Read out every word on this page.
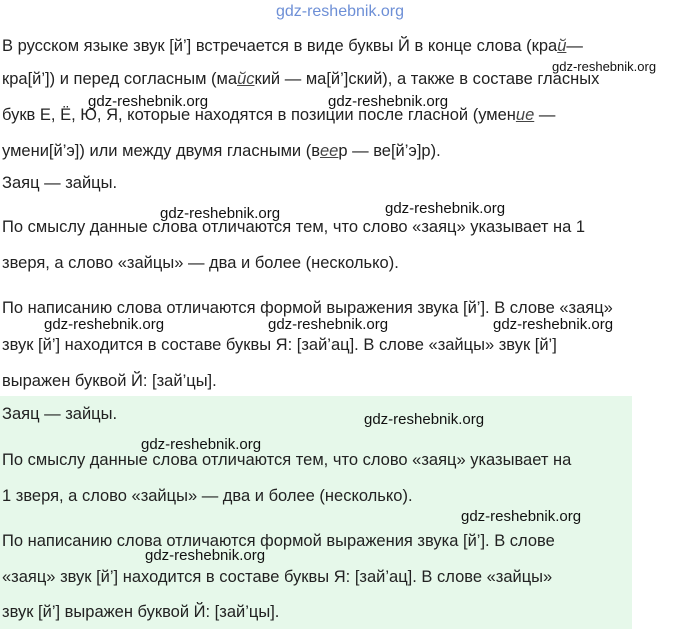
gdz-reshebnik.org
В русском языке звук [й’] встречается в виде буквы Й в конце слова (край—
кра[й’]) и перед согласным (майский — ма[й’]ский), а также в составе гласных
букв Е, Ё, Ю, Я, которые находятся в позиции после гласной (умение —
умени[й’э]) или между двумя гласными (веер — ве[й’э]р).
Заяц — зайцы.
По смыслу данные слова отличаются тем, что слово «заяц» указывает на 1
зверя, а слово «зайцы» — два и более (несколько).
По написанию слова отличаются формой выражения звука [й’]. В слове «заяц»
звук [й’] находится в составе буквы Я: [зай’ац]. В слове «зайцы» звук [й’]
выражен буквой Й: [зай’цы].
Заяц — зайцы.
По смыслу данные слова отличаются тем, что слово «заяц» указывает на
1 зверя, а слово «зайцы» — два и более (несколько).
По написанию слова отличаются формой выражения звука [й’]. В слове
«заяц» звук [й’] находится в составе буквы Я: [зай’ац]. В слове «зайцы»
звук [й’] выражен буквой Й: [зай’цы].
gdz-reshebnik.org
gdz-reshebnik.org	gdz-reshebnik.org
gdz-reshebnik.org	gdz-reshebnik.org
gdz-reshebnik.org	gdz-reshebnik.org	gdz-reshebnik.org
gdz-reshebnik.org
gdz-reshebnik.org
gdz-reshebnik.org
gdz-reshebnik.org
